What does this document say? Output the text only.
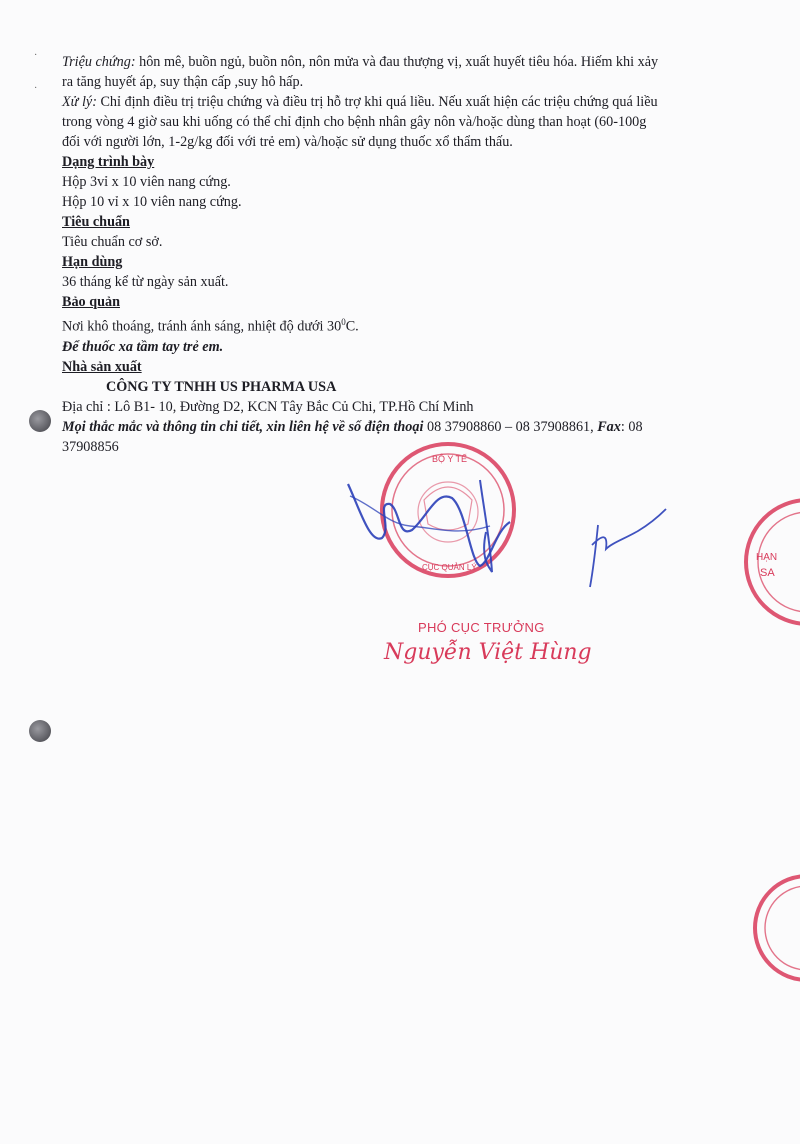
·

·
Triệu chứng: hôn mê, buồn ngủ, buồn nôn, nôn mửa và đau thượng vị, xuất huyết tiêu hóa. Hiếm khi xảy
ra tăng huyết áp, suy thận cấp ,suy hô hấp.
Xử lý: Chỉ định điều trị triệu chứng và điều trị hỗ trợ khi quá liều. Nếu xuất hiện các triệu chứng quá liều
trong vòng 4 giờ sau khi uống có thể chỉ định cho bệnh nhân gây nôn và/hoặc dùng than hoạt (60-100g
đối với người lớn, 1-2g/kg đối với trẻ em) và/hoặc sử dụng thuốc xổ thẩm thấu.
Dạng trình bày
Hộp 3vỉ x 10 viên nang cứng.
Hộp 10 vỉ x 10 viên nang cứng.
Tiêu chuẩn
Tiêu chuẩn cơ sở.
Hạn dùng
36 tháng kể từ ngày sản xuất.
Bảo quản
Nơi khô thoáng, tránh ánh sáng, nhiệt độ dưới $30^0C$.
Để thuốc xa tầm tay trẻ em.
Nhà sản xuất
CÔNG TY TNHH US PHARMA USA
Địa chỉ : Lô B1- 10, Đường D2, KCN Tây Bắc Củ Chi, TP.Hồ Chí Minh
Mọi thắc mắc và thông tin chi tiết, xin liên hệ về số điện thoại 08 37908860 – 08 37908861, Fax: 08
37908856
BỘ Y TẾ
CỤC QUẢN LÝ
PHÓ CỤC TRƯỞNG
Nguyễn Việt Hùng
HẠN
SA
